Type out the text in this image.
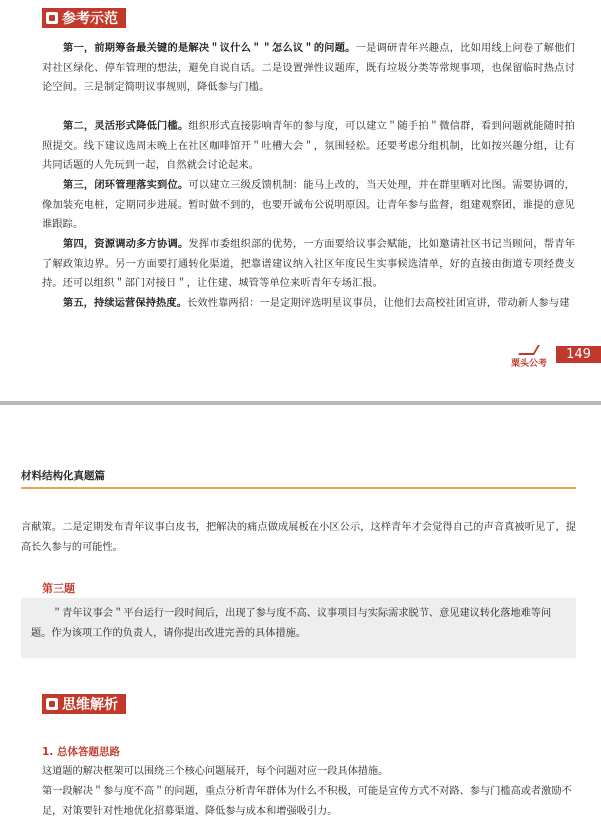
参考示范

第一，前期筹备最关键的是解决＂议什么＂＂怎么议＂的问题。一是调研青年兴趣点，比如用线上问卷了解他们对社区绿化、停车管理的想法，避免自说自话。二是设置弹性议题库，既有垃圾分类等常规事项，也保留临时热点讨论空间。三是制定简明议事规则，降低参与门槛。

第二，灵活形式降低门槛。组织形式直接影响青年的参与度，可以建立＂随手拍＂微信群，看到问题就能随时拍照提交。线下建议选周末晚上在社区咖啡馆开＂吐槽大会＂，氛围轻松。还要考虑分组机制，比如按兴趣分组，让有共同话题的人先玩到一起，自然就会讨论起来。

第三，闭环管理落实到位。可以建立三级反馈机制：能马上改的，当天处理，并在群里晒对比图。需要协调的，像加装充电桩，定期同步进展。暂时做不到的，也要开诚布公说明原因。让青年参与监督，组建观察团，谁提的意见谁跟踪。

第四，资源调动多方协调。发挥市委组织部的优势，一方面要给议事会赋能，比如邀请社区书记当顾问，帮青年了解政策边界。另一方面要打通转化渠道，把靠谱建议纳入社区年度民生实事候选清单，好的直接由街道专项经费支持。还可以组织＂部门对接日＂，让住建、城管等单位来听青年专场汇报。

第五，持续运营保持热度。长效性靠两招：一是定期评选明星议事员，让他们去高校社团宣讲，带动新人参与建

粟头公考
149
材料结构化真题篇

言献策。二是定期发布青年议事白皮书，把解决的痛点做成展板在小区公示，这样青年才会觉得自己的声音真被听见了，提高长久参与的可能性。

第三题

＂青年议事会＂平台运行一段时间后，出现了参与度不高、议事项目与实际需求脱节、意见建议转化落地难等问题。作为该项工作的负责人，请你提出改进完善的具体措施。

思维解析
1. 总体答题思路

这道题的解决框架可以围绕三个核心问题展开，每个问题对应一段具体措施。

第一段解决＂参与度不高＂的问题，重点分析青年群体为什么不积极，可能是宣传方式不对路、参与门槛高或者激励不足，对策要针对性地优化招募渠道、降低参与成本和增强吸引力。
